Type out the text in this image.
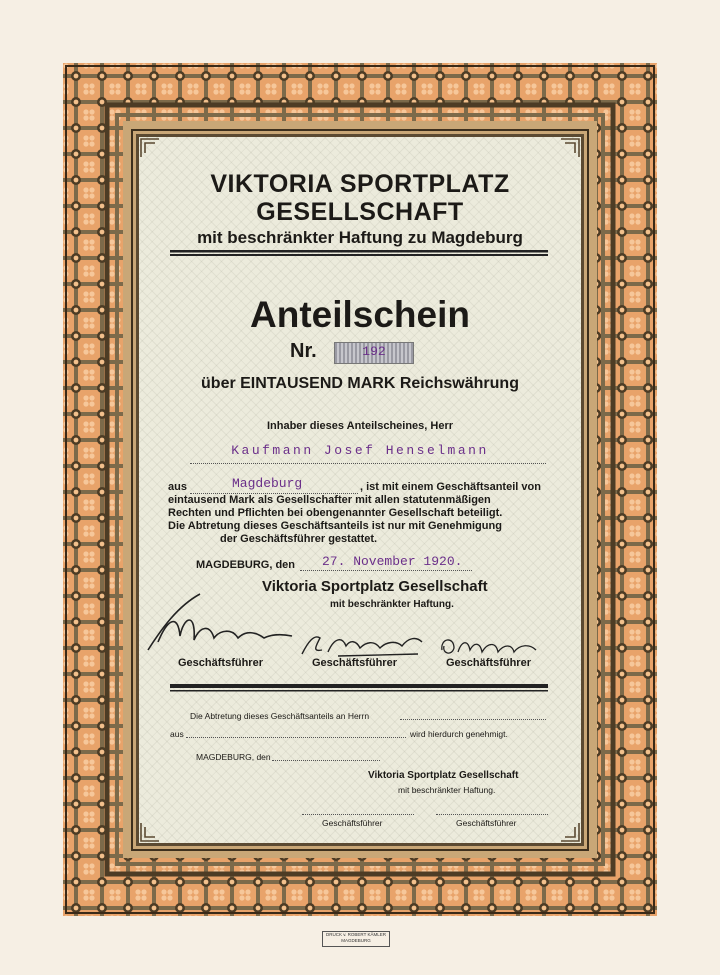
VIKTORIA SPORTPLATZ
GESELLSCHAFT
mit beschränkter Haftung zu Magdeburg
Anteilschein
Nr.	192
über EINTAUSEND MARK Reichswährung
Inhaber dieses Anteilscheines, Herr
Kaufmann Josef Henselmann
aus	Magdeburg	, ist mit einem Geschäftsanteil von
eintausend Mark als Gesellschafter mit allen statutenmäßigen
Rechten und Pflichten bei obengenannter Gesellschaft beteiligt.
Die Abtretung dieses Geschäftsanteils ist nur mit Genehmigung
der Geschäftsführer gestattet.
MAGDEBURG, den 27. November 1920.
Viktoria Sportplatz Gesellschaft
mit beschränkter Haftung.
Geschäftsführer	Geschäftsführer	Geschäftsführer
Die Abtretung dieses Geschäftsanteils an Herrn
aus	wird hierdurch genehmigt.
MAGDEBURG, den
Viktoria Sportplatz Gesellschaft
mit beschränkter Haftung.
Geschäftsführer	Geschäftsführer
DRUCK v. ROBERT KÄMLER
MAGDEBURG
